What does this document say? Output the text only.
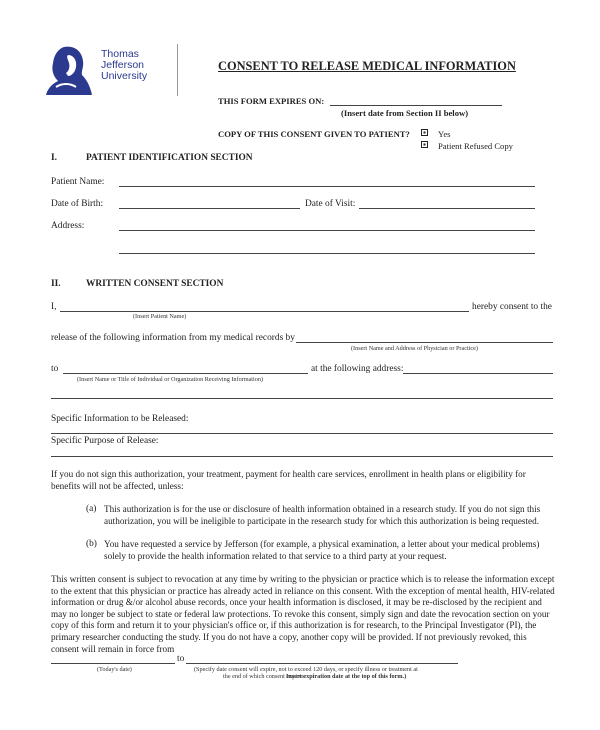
Thomas
Jefferson
University
CONSENT TO RELEASE MEDICAL INFORMATION
THIS FORM EXPIRES ON:
(Insert date from Section II below)
COPY OF THIS CONSENT GIVEN TO PATIENT?	Yes
Patient Refused Copy
I.	PATIENT IDENTIFICATION SECTION
Patient Name:
Date of Birth:	Date of Visit:
Address:
II.	WRITTEN CONSENT SECTION
I,	hereby consent to the
(Insert Patient Name)
release of the following information from my medical records by
(Insert Name and Address of Physician or Practice)
to	at the following address:
(Insert Name or Title of Individual or Organization Receiving Information)
Specific Information to be Released:
Specific Purpose of Release:
If you do not sign this authorization, your treatment, payment for health care services, enrollment in health plans or eligibility for benefits will not be affected, unless:
(a) This authorization is for the use or disclosure of health information obtained in a research study. If you do not sign this authorization, you will be ineligible to participate in the research study for which this authorization is being requested.
(b) You have requested a service by Jefferson (for example, a physical examination, a letter about your medical problems) solely to provide the health information related to that service to a third party at your request.
This written consent is subject to revocation at any time by writing to the physician or practice which is to release the information except to the extent that this physician or practice has already acted in reliance on this consent. With the exception of mental health, HIV-related information or drug &/or alcohol abuse records, once your health information is disclosed, it may be re-disclosed by the recipient and may no longer be subject to state or federal law protections. To revoke this consent, simply sign and date the revocation section on your copy of this form and return it to your physician's office or, if this authorization is for research, to the Principal Investigator (PI), the primary researcher conducting the study. If you do not have a copy, another copy will be provided. If not previously revoked, this consent will remain in force from
to
(Today's date)	(Specify date consent will expire, not to exceed 120 days, or specify illness or treatment at
the end of which consent expires.
Insert expiration date at the top of this form.)
